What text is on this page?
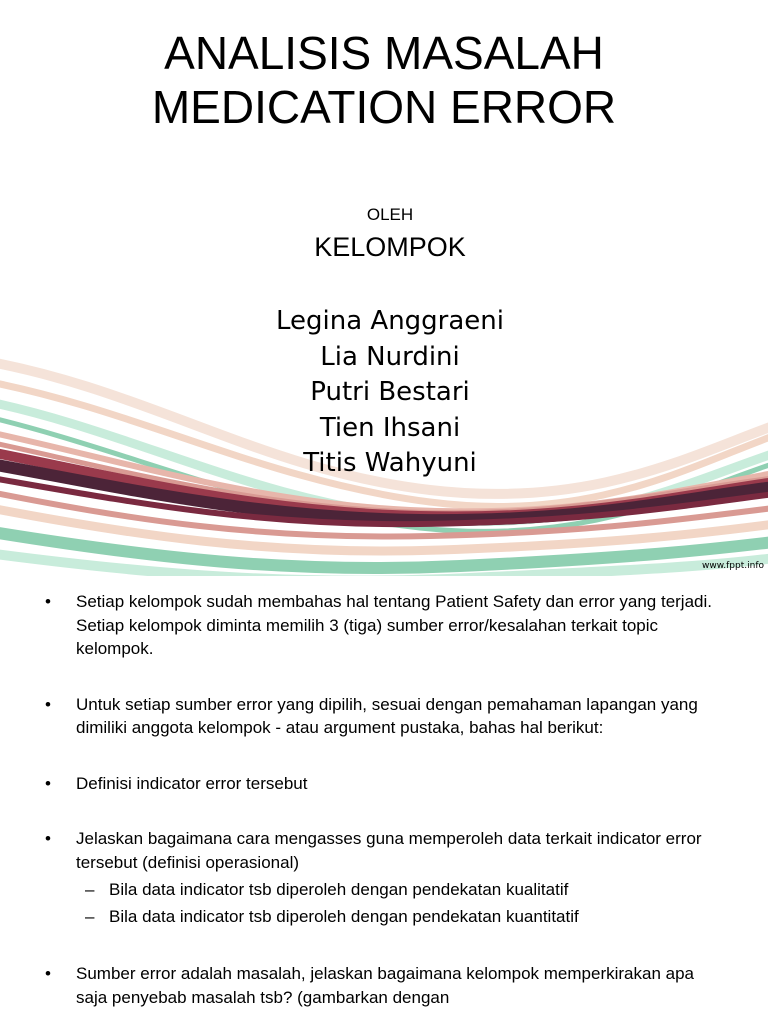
ANALISIS MASALAH
MEDICATION ERROR
OLEH
KELOMPOK
Legina Anggraeni
Lia Nurdini
Putri Bestari
Tien Ihsani
Titis Wahyuni
www.fppt.info
• Setiap kelompok sudah membahas hal tentang Patient Safety dan error yang terjadi. Setiap kelompok diminta memilih 3 (tiga) sumber error/kesalahan terkait topic kelompok.
• Untuk setiap sumber error yang dipilih, sesuai dengan pemahaman lapangan yang dimiliki anggota kelompok - atau argument pustaka, bahas hal berikut:
• Definisi indicator error tersebut
• Jelaskan bagaimana cara mengasses guna memperoleh data terkait indicator error tersebut (definisi operasional)
– Bila data indicator tsb diperoleh dengan pendekatan kualitatif
– Bila data indicator tsb diperoleh dengan pendekatan kuantitatif
• Sumber error adalah masalah, jelaskan bagaimana kelompok memperkirakan apa saja penyebab masalah tsb? (gambarkan dengan
